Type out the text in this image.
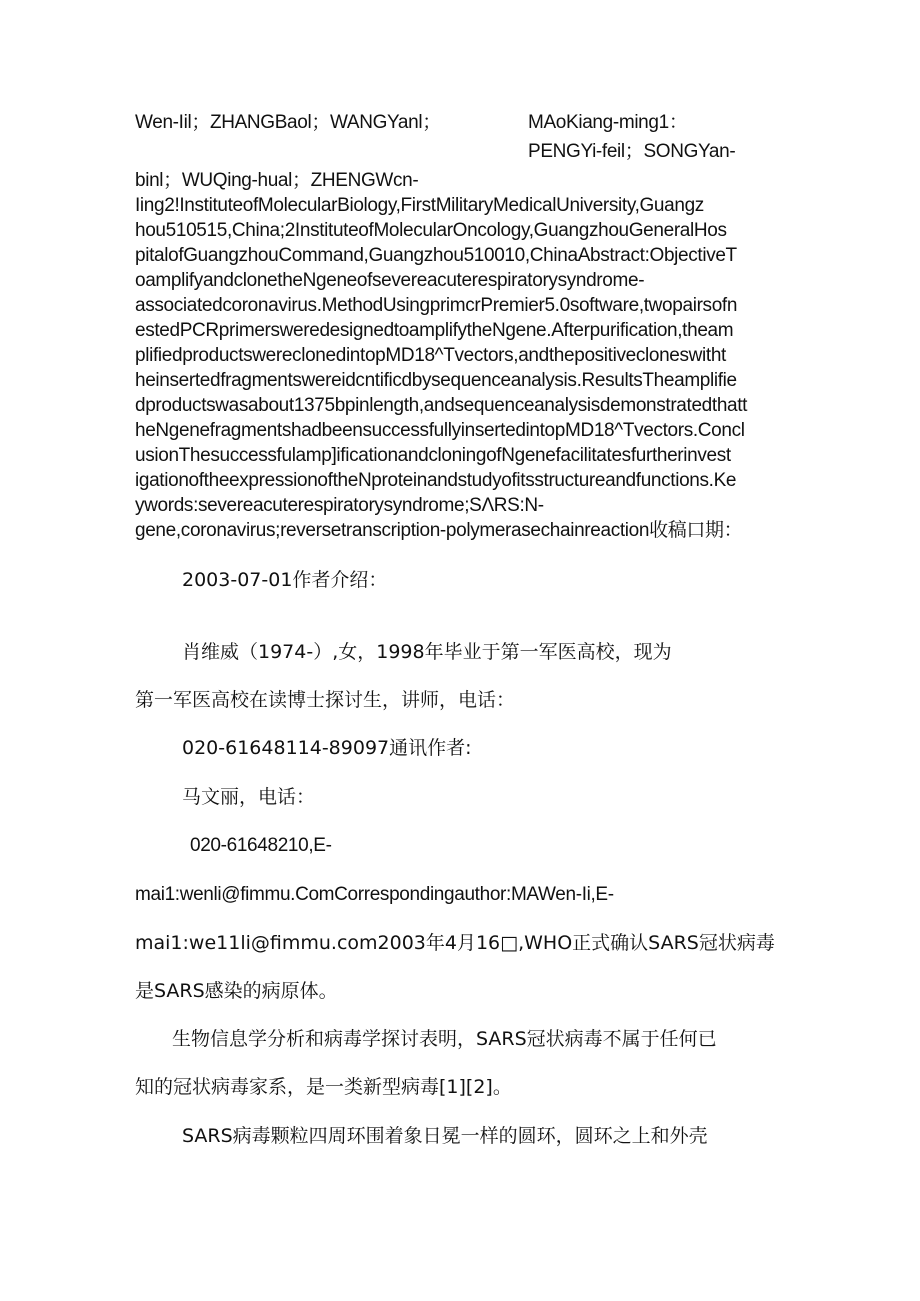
Wen-Iil；ZHANGBaol；WANGYanl；	MAoKiang-ming1：

PENGYi-feil；SONGYan-

binl；WUQing-hual；ZHENGWcn-

Iing2!InstituteofMolecularBiology,FirstMilitaryMedicalUniversity,Guangz

hou510515,China;2InstituteofMolecularOncology,GuangzhouGeneralHos

pitalofGuangzhouCommand,Guangzhou510010,ChinaAbstract:ObjectiveT

oamplifyandclonetheNgeneofsevereacuterespiratorysyndrome-

associatedcoronavirus.MethodUsingprimcrPremier5.0software,twopairsofn

estedPCRprimersweredesignedtoamplifytheNgene.Afterpurification,theam

plifiedproductswereclonedintopMD18^Tvectors,andthepositivecloneswitht

heinsertedfragmentswereidcntificdbysequenceanalysis.ResultsTheamplifie

dproductswasabout1375bpinlength,andsequenceanalysisdemonstratedthatt

heNgenefragmentshadbeensuccessfullyinsertedintopMD18^Tvectors.Concl

usionThesuccessfulamp]ificationandcloningofNgenefacilitatesfurtherinvest

igationoftheexpressionoftheNproteinandstudyofitsstructureandfunctions.Ke

ywords:severeacuterespiratorysyndrome;SΛRS:N-

gene,coronavirus;reversetranscription-polymerasechainreaction收稿口期：

2003-07-01作者介绍：

肖维威（1974-）,女，1998年毕业于第一军医高校，现为

第一军医高校在读博士探讨生，讲师，电话：

020-61648114-89097通讯作者:

马文丽，电话：

020-61648210,E-

mai1:wenli@fimmu.ComCorrespondingauthor:MAWen-Ii,E-

mai1:we11li@fimmu.com2003年4月16□,WHO正式确认SARS冠状病毒

是SARS感染的病原体。

生物信息学分析和病毒学探讨表明，SARS冠状病毒不属于任何已

知的冠状病毒家系，是一类新型病毒[1][2]。

SARS病毒颗粒四周环围着象日冕一样的圆环，圆环之上和外壳
